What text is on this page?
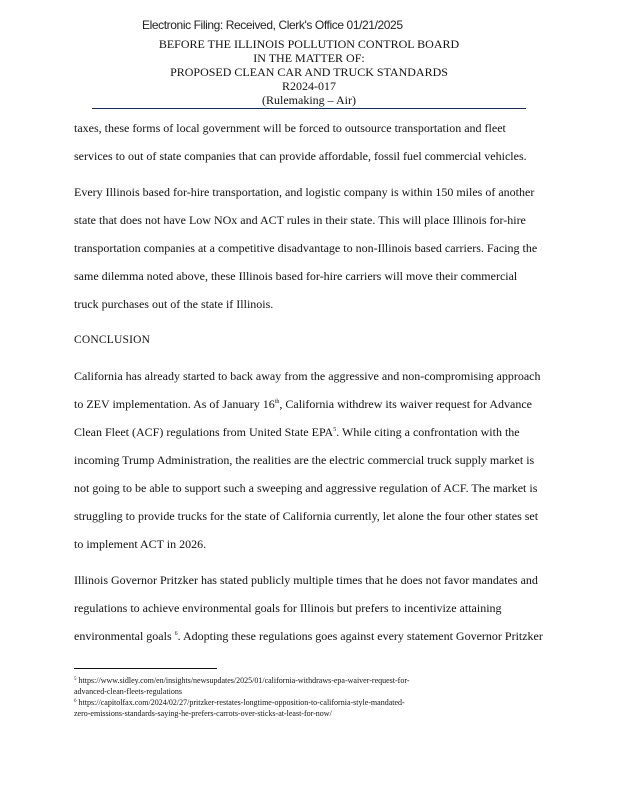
Electronic Filing: Received, Clerk's Office 01/21/2025
BEFORE THE ILLINOIS POLLUTION CONTROL BOARD
IN THE MATTER OF:
PROPOSED CLEAN CAR AND TRUCK STANDARDS
R2024-017
(Rulemaking – Air)
taxes, these forms of local government will be forced to outsource transportation and fleet
services to out of state companies that can provide affordable, fossil fuel commercial vehicles.
Every Illinois based for-hire transportation, and logistic company is within 150 miles of another
state that does not have Low NOx and ACT rules in their state. This will place Illinois for-hire
transportation companies at a competitive disadvantage to non-Illinois based carriers. Facing the
same dilemma noted above, these Illinois based for-hire carriers will move their commercial
truck purchases out of the state if Illinois.
CONCLUSION
California has already started to back away from the aggressive and non-compromising approach
to ZEV implementation. As of January 16th, California withdrew its waiver request for Advance
Clean Fleet (ACF) regulations from United State EPA$^5$. While citing a confrontation with the
incoming Trump Administration, the realities are the electric commercial truck supply market is
not going to be able to support such a sweeping and aggressive regulation of ACF. The market is
struggling to provide trucks for the state of California currently, let alone the four other states set
to implement ACT in 2026.
Illinois Governor Pritzker has stated publicly multiple times that he does not favor mandates and
regulations to achieve environmental goals for Illinois but prefers to incentivize attaining
environmental goals $^6$. Adopting these regulations goes against every statement Governor Pritzker
$^5$ https://www.sidley.com/en/insights/newsupdates/2025/01/california-withdraws-epa-waiver-request-for-
advanced-clean-fleets-regulations
$^6$ https://capitolfax.com/2024/02/27/pritzker-restates-longtime-opposition-to-california-style-mandated-
zero-emissions-standards-saying-he-prefers-carrots-over-sticks-at-least-for-now/
